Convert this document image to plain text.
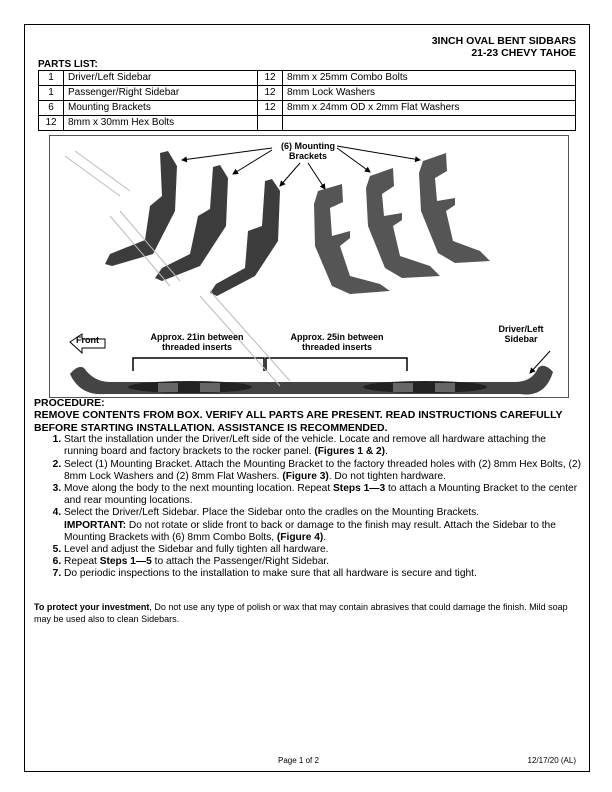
3INCH OVAL BENT SIDBARS
21-23 CHEVY TAHOE
PARTS LIST:
1	Driver/Left Sidebar	12	8mm x 25mm Combo Bolts
1	Passenger/Right Sidebar	12	8mm Lock Washers
6	Mounting Brackets	12	8mm x 24mm OD x 2mm Flat Washers
12	8mm x 30mm Hex Bolts		
(6) Mounting Brackets
Front	Approx. 21in between threaded inserts
Approx. 25in between threaded inserts
Driver/Left Sidebar
PROCEDURE:
REMOVE CONTENTS FROM BOX. VERIFY ALL PARTS ARE PRESENT. READ INSTRUCTIONS CAREFULLY BEFORE STARTING INSTALLATION. ASSISTANCE IS RECOMMENDED.
1. Start the installation under the Driver/Left side of the vehicle. Locate and remove all hardware attaching the running board and factory brackets to the rocker panel. (Figures 1 & 2).
2. Select (1) Mounting Bracket. Attach the Mounting Bracket to the factory threaded holes with (2) 8mm Hex Bolts, (2) 8mm Lock Washers and (2) 8mm Flat Washers. (Figure 3). Do not tighten hardware.
3. Move along the body to the next mounting location. Repeat Steps 1—3 to attach a Mounting Bracket to the center and rear mounting locations.
4. Select the Driver/Left Sidebar. Place the Sidebar onto the cradles on the Mounting Brackets.
IMPORTANT: Do not rotate or slide front to back or damage to the finish may result. Attach the Sidebar to the Mounting Brackets with (6) 8mm Combo Bolts, (Figure 4).
5. Level and adjust the Sidebar and fully tighten all hardware.
6. Repeat Steps 1—5 to attach the Passenger/Right Sidebar.
7. Do periodic inspections to the installation to make sure that all hardware is secure and tight.
To protect your investment, Do not use any type of polish or wax that may contain abrasives that could damage the finish. Mild soap may be used also to clean Sidebars.
Page 1 of 2	12/17/20 (AL)
